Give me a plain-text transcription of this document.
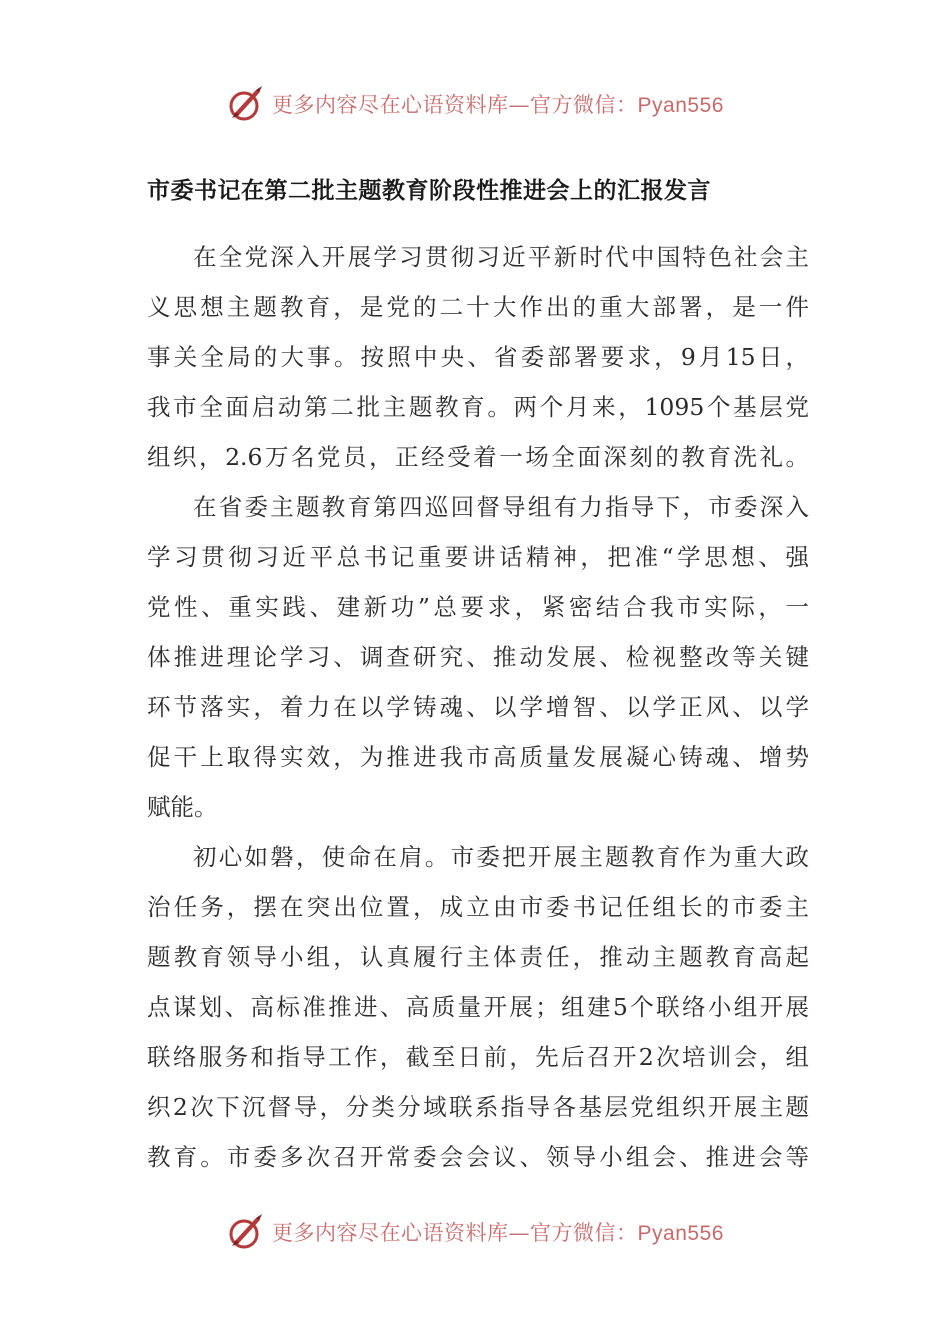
更多内容尽在心语资料库—官方微信：Pyan556
市委书记在第二批主题教育阶段性推进会上的汇报发言
在全党深入开展学习贯彻习近平新时代中国特色社会主
义思想主题教育，是党的二十大作出的重大部署，是一件
事关全局的大事。按照中央、省委部署要求，9月15日，
我市全面启动第二批主题教育。两个月来，1095个基层党
组织，2.6万名党员，正经受着一场全面深刻的教育洗礼。
在省委主题教育第四巡回督导组有力指导下，市委深入
学习贯彻习近平总书记重要讲话精神，把准“学思想、强
党性、重实践、建新功”总要求，紧密结合我市实际，一
体推进理论学习、调查研究、推动发展、检视整改等关键
环节落实，着力在以学铸魂、以学增智、以学正风、以学
促干上取得实效，为推进我市高质量发展凝心铸魂、增势
赋能。
初心如磐，使命在肩。市委把开展主题教育作为重大政
治任务，摆在突出位置，成立由市委书记任组长的市委主
题教育领导小组，认真履行主体责任，推动主题教育高起
点谋划、高标准推进、高质量开展；组建5个联络小组开展
联络服务和指导工作，截至日前，先后召开2次培训会，组
织2次下沉督导，分类分域联系指导各基层党组织开展主题
教育。市委多次召开常委会会议、领导小组会、推进会等
更多内容尽在心语资料库—官方微信：Pyan556
